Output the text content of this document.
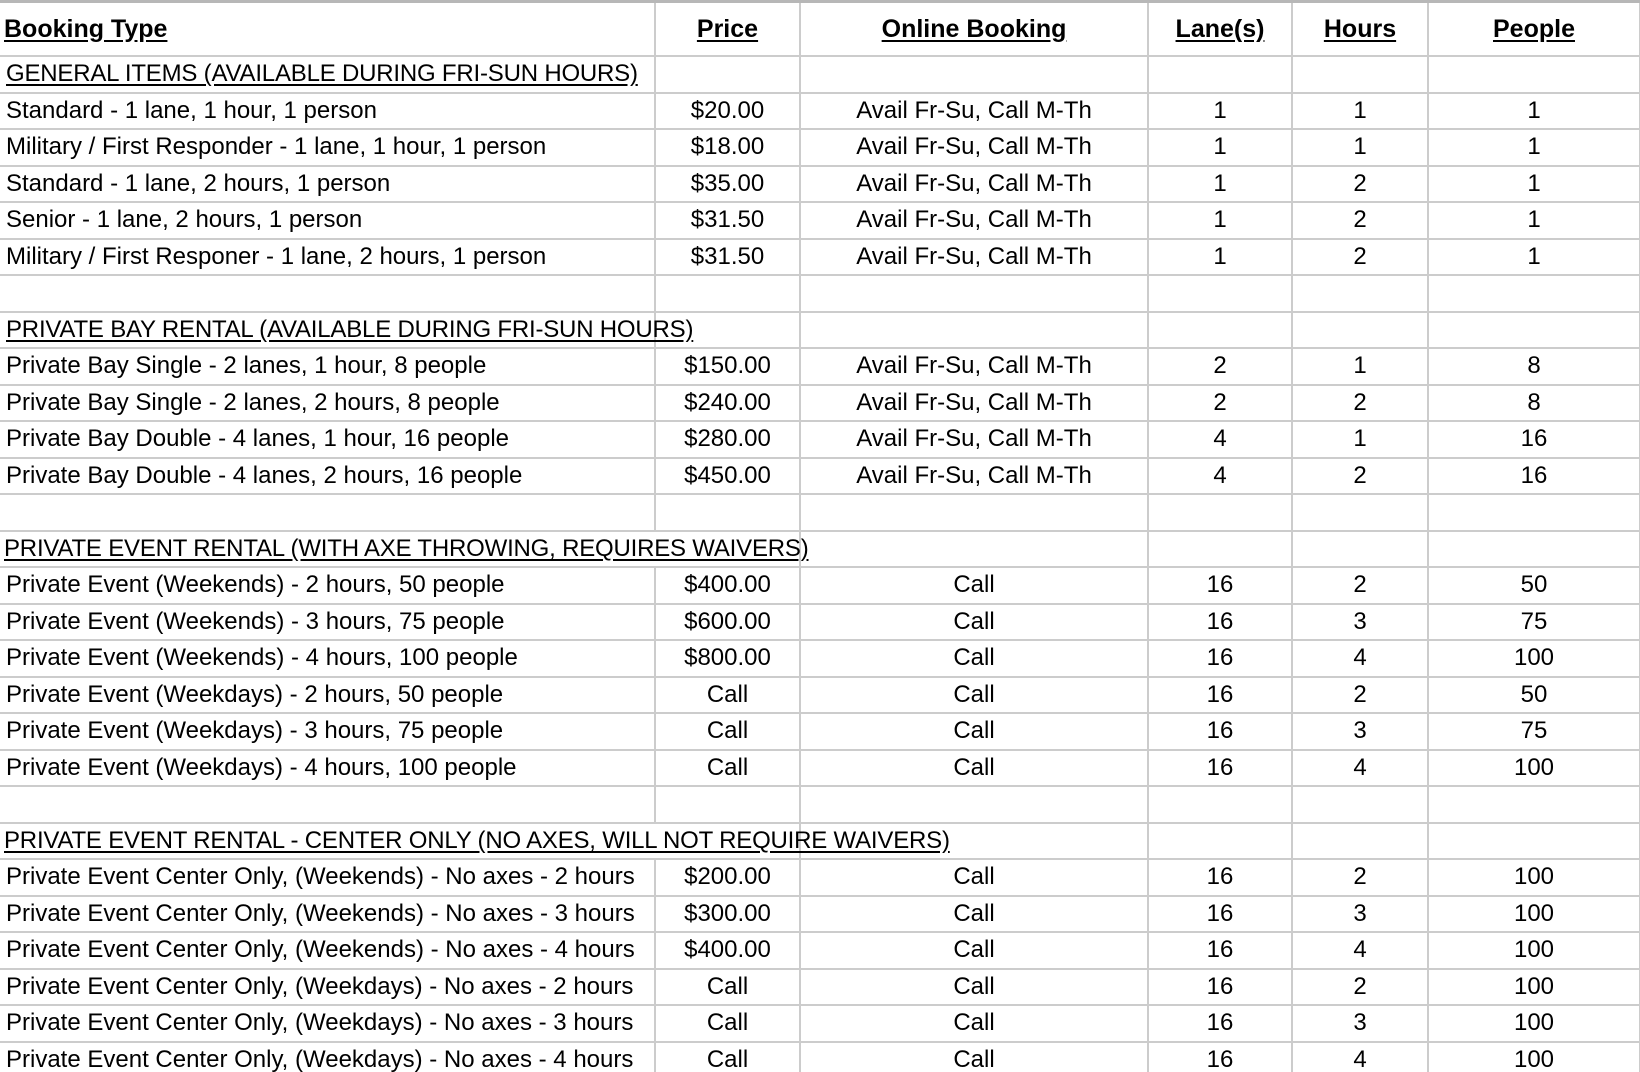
Booking Type	Price	Online Booking	Lane(s)	Hours	People
GENERAL ITEMS (AVAILABLE DURING FRI-SUN HOURS)					
Standard - 1 lane, 1 hour, 1 person	$20.00	Avail Fr-Su, Call M-Th	1	1	1
Military / First Responder - 1 lane, 1 hour, 1 person	$18.00	Avail Fr-Su, Call M-Th	1	1	1
Standard - 1 lane, 2 hours, 1 person	$35.00	Avail Fr-Su, Call M-Th	1	2	1
Senior - 1 lane, 2 hours, 1 person	$31.50	Avail Fr-Su, Call M-Th	1	2	1
Military / First Responer - 1 lane, 2 hours, 1 person	$31.50	Avail Fr-Su, Call M-Th	1	2	1

PRIVATE BAY RENTAL (AVAILABLE DURING FRI-SUN HOURS)					
Private Bay Single - 2 lanes, 1 hour, 8 people	$150.00	Avail Fr-Su, Call M-Th	2	1	8
Private Bay Single - 2 lanes, 2 hours, 8 people	$240.00	Avail Fr-Su, Call M-Th	2	2	8
Private Bay Double - 4 lanes, 1 hour, 16 people	$280.00	Avail Fr-Su, Call M-Th	4	1	16
Private Bay Double - 4 lanes, 2 hours, 16 people	$450.00	Avail Fr-Su, Call M-Th	4	2	16

PRIVATE EVENT RENTAL (WITH AXE THROWING, REQUIRES WAIVERS)					

Private Event (Weekends) - 2 hours, 50 people	$400.00	Call	16	2	50
Private Event (Weekends) - 3 hours, 75 people	$600.00	Call	16	3	75
Private Event (Weekends) - 4 hours, 100 people	$800.00	Call	16	4	100
Private Event (Weekdays) - 2 hours, 50 people	Call	Call	16	2	50
Private Event (Weekdays) - 3 hours, 75 people	Call	Call	16	3	75
Private Event (Weekdays) - 4 hours, 100 people	Call	Call	16	4	100

PRIVATE EVENT RENTAL - CENTER ONLY (NO AXES, WILL NOT REQUIRE WAIVERS)					

Private Event Center Only, (Weekends) - No axes - 2 hours	$200.00	Call	16	2	100
Private Event Center Only, (Weekends) - No axes - 3 hours	$300.00	Call	16	3	100
Private Event Center Only, (Weekends) - No axes - 4 hours	$400.00	Call	16	4	100
Private Event Center Only, (Weekdays) - No axes - 2 hours	Call	Call	16	2	100
Private Event Center Only, (Weekdays) - No axes - 3 hours	Call	Call	16	3	100
Private Event Center Only, (Weekdays) - No axes - 4 hours	Call	Call	16	4	100
